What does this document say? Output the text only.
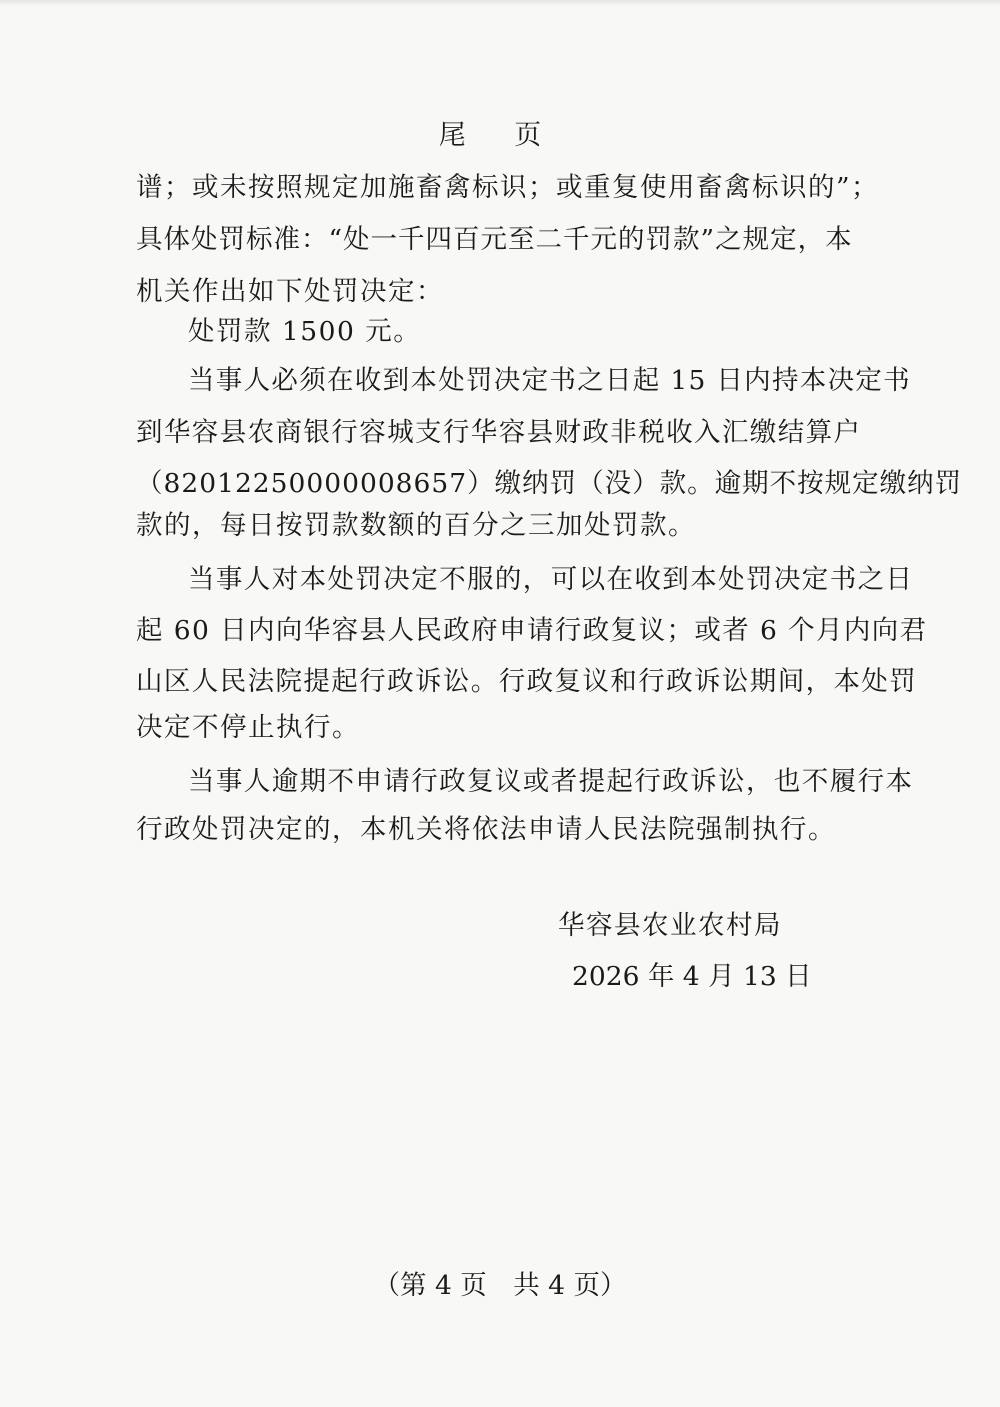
尾 页
谱；或未按照规定加施畜禽标识；或重复使用畜禽标识的”；
具体处罚标准：“处一千四百元至二千元的罚款”之规定，本
机关作出如下处罚决定：
处罚款 1500 元。
当事人必须在收到本处罚决定书之日起 15 日内持本决定书
到华容县农商银行容城支行华容县财政非税收入汇缴结算户
（82012250000008657）缴纳罚（没）款。逾期不按规定缴纳罚
款的，每日按罚款数额的百分之三加处罚款。
当事人对本处罚决定不服的，可以在收到本处罚决定书之日
起 60 日内向华容县人民政府申请行政复议；或者 6 个月内向君
山区人民法院提起行政诉讼。行政复议和行政诉讼期间，本处罚
决定不停止执行。
当事人逾期不申请行政复议或者提起行政诉讼，也不履行本
行政处罚决定的，本机关将依法申请人民法院强制执行。
华容县农业农村局
2026 年 4 月 13 日
（第 4 页　共 4 页）
